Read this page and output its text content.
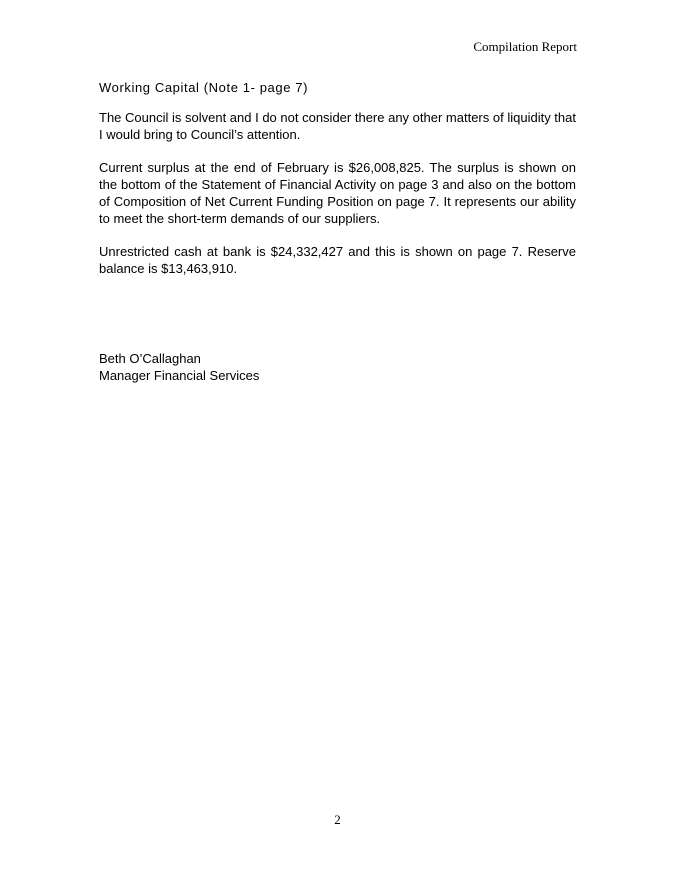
Compilation Report
Working Capital (Note 1- page 7)

The Council is solvent and I do not consider there any other matters of liquidity that I would bring to Council’s attention.

Current surplus at the end of February is $26,008,825. The surplus is shown on the bottom of the Statement of Financial Activity on page 3 and also on the bottom of Composition of Net Current Funding Position on page 7. It represents our ability to meet the short-term demands of our suppliers.

Unrestricted cash at bank is $24,332,427 and this is shown on page 7. Reserve balance is $13,463,910.

Beth O’Callaghan
Manager Financial Services
2
